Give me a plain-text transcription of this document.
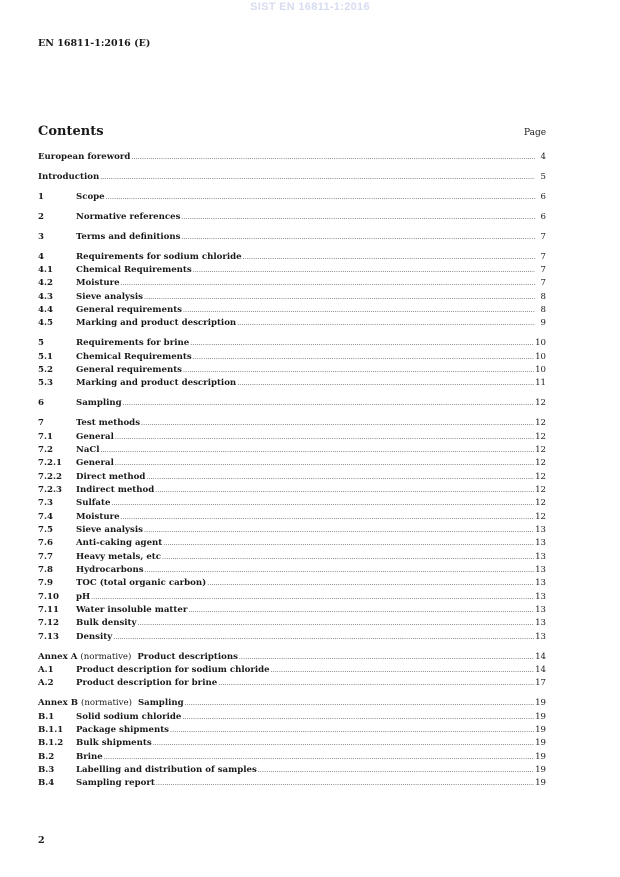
SIST EN 16811-1:2016
EN 16811-1:2016 (E)
Contents	Page
European foreword .....	4
Introduction .....	5
1	Scope .....	6
2	Normative references .....	6
3	Terms and definitions .....	7
4	Requirements for sodium chloride .....	7
4.1	Chemical Requirements .....	7
4.2	Moisture .....	7
4.3	Sieve analysis .....	8
4.4	General requirements .....	8
4.5	Marking and product description .....	9
5	Requirements for brine .....	10
5.1	Chemical Requirements .....	10
5.2	General requirements .....	10
5.3	Marking and product description .....	11
6	Sampling .....	12
7	Test methods .....	12
7.1	General .....	12
7.2	NaCl .....	12
7.2.1	General .....	12
7.2.2	Direct method .....	12
7.2.3	Indirect method .....	12
7.3	Sulfate .....	12
7.4	Moisture .....	12
7.5	Sieve analysis .....	13
7.6	Anti-caking agent .....	13
7.7	Heavy metals, etc .....	13
7.8	Hydrocarbons .....	13
7.9	TOC (total organic carbon) .....	13
7.10	pH .....	13
7.11	Water insoluble matter .....	13
7.12	Bulk density .....	13
7.13	Density .....	13
Annex A (normative) Product descriptions .....	14
A.1	Product description for sodium chloride .....	14
A.2	Product description for brine .....	17
Annex B (normative) Sampling .....	19
B.1	Solid sodium chloride .....	19
B.1.1	Package shipments .....	19
B.1.2	Bulk shipments .....	19
B.2	Brine .....	19
B.3	Labelling and distribution of samples .....	19
B.4	Sampling report .....	19
2
